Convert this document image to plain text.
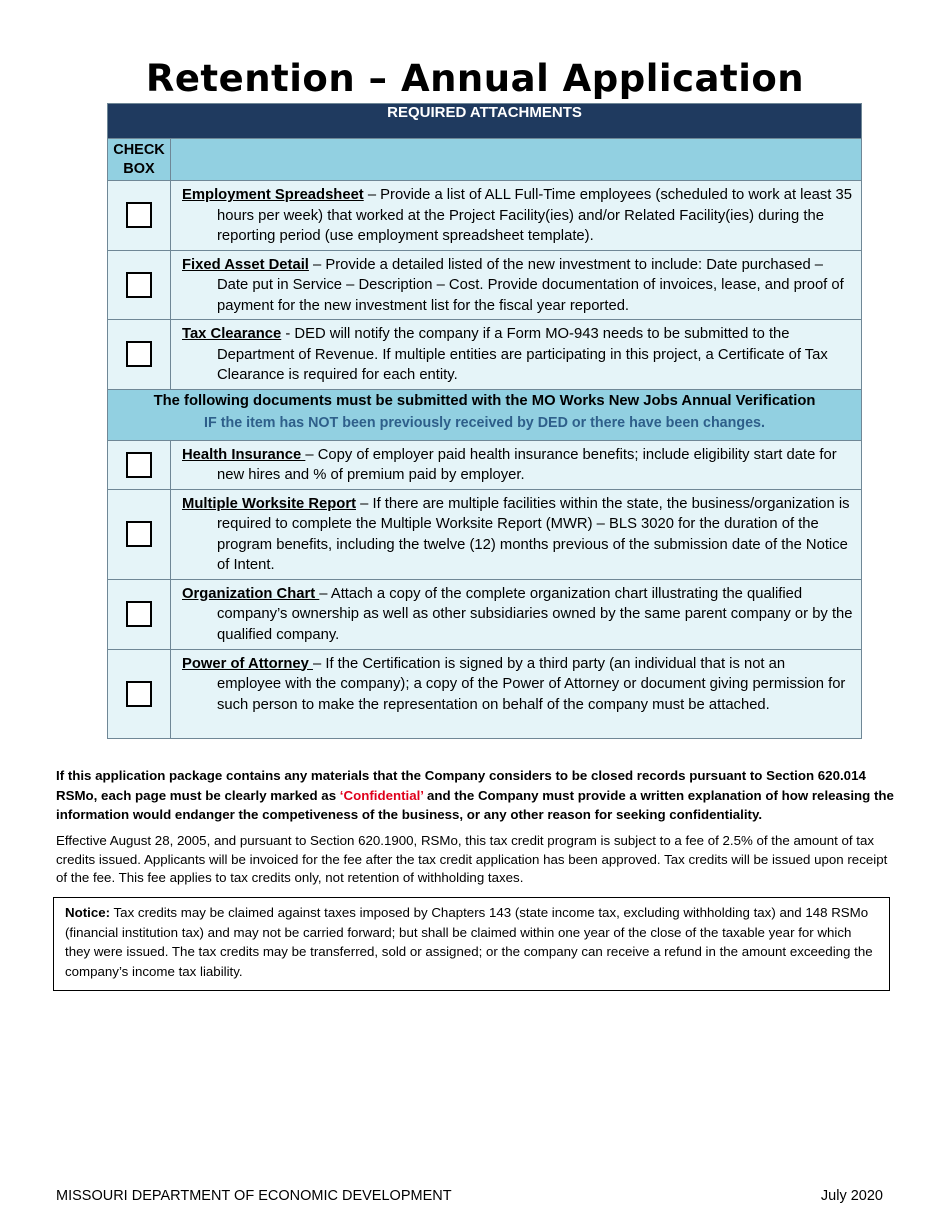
Retention – Annual Application
REQUIRED ATTACHMENTS	
CHECK BOX	

	Employment Spreadsheet – Provide a list of ALL Full-Time employees (scheduled to work at least 35 hours per week) that worked at the Project Facility(ies) and/or Related Facility(ies) during the reporting period (use employment spreadsheet template).

	Fixed Asset Detail – Provide a detailed listed of the new investment to include: Date purchased – Date put in Service – Description – Cost. Provide documentation of invoices, lease, and proof of payment for the new investment list for the fiscal year reported.

	Tax Clearance - DED will notify the company if a Form MO-943 needs to be submitted to the Department of Revenue. If multiple entities are participating in this project, a Certificate of Tax Clearance is required for each entity.

The following documents must be submitted with the MO Works New Jobs Annual Verification
IF the item has NOT been previously received by DED or there have been changes.	

	Health Insurance – Copy of employer paid health insurance benefits; include eligibility start date for new hires and % of premium paid by employer.

	Multiple Worksite Report – If there are multiple facilities within the state, the business/organization is required to complete the Multiple Worksite Report (MWR) – BLS 3020 for the duration of the program benefits, including the twelve (12) months previous of the submission date of the Notice of Intent.

	Organization Chart – Attach a copy of the complete organization chart illustrating the qualified company’s ownership as well as other subsidiaries owned by the same parent company or by the qualified company.

	Power of Attorney – If the Certification is signed by a third party (an individual that is not an employee with the company); a copy of the Power of Attorney or document giving permission for such person to make the representation on behalf of the company must be attached.
If this application package contains any materials that the Company considers to be closed records pursuant to Section 620.014 RSMo, each page must be clearly marked as ‘Confidential’ and the Company must provide a written explanation of how releasing the information would endanger the competiveness of the business, or any other reason for seeking confidentiality.
Effective August 28, 2005, and pursuant to Section 620.1900, RSMo, this tax credit program is subject to a fee of 2.5% of the amount of tax credits issued. Applicants will be invoiced for the fee after the tax credit application has been approved. Tax credits will be issued upon receipt of the fee. This fee applies to tax credits only, not retention of withholding taxes.
Notice: Tax credits may be claimed against taxes imposed by Chapters 143 (state income tax, excluding withholding tax) and 148 RSMo (financial institution tax) and may not be carried forward; but shall be claimed within one year of the close of the taxable year for which they were issued. The tax credits may be transferred, sold or assigned; or the company can receive a refund in the amount exceeding the company’s income tax liability.
MISSOURI DEPARTMENT OF ECONOMIC DEVELOPMENT	July 2020
